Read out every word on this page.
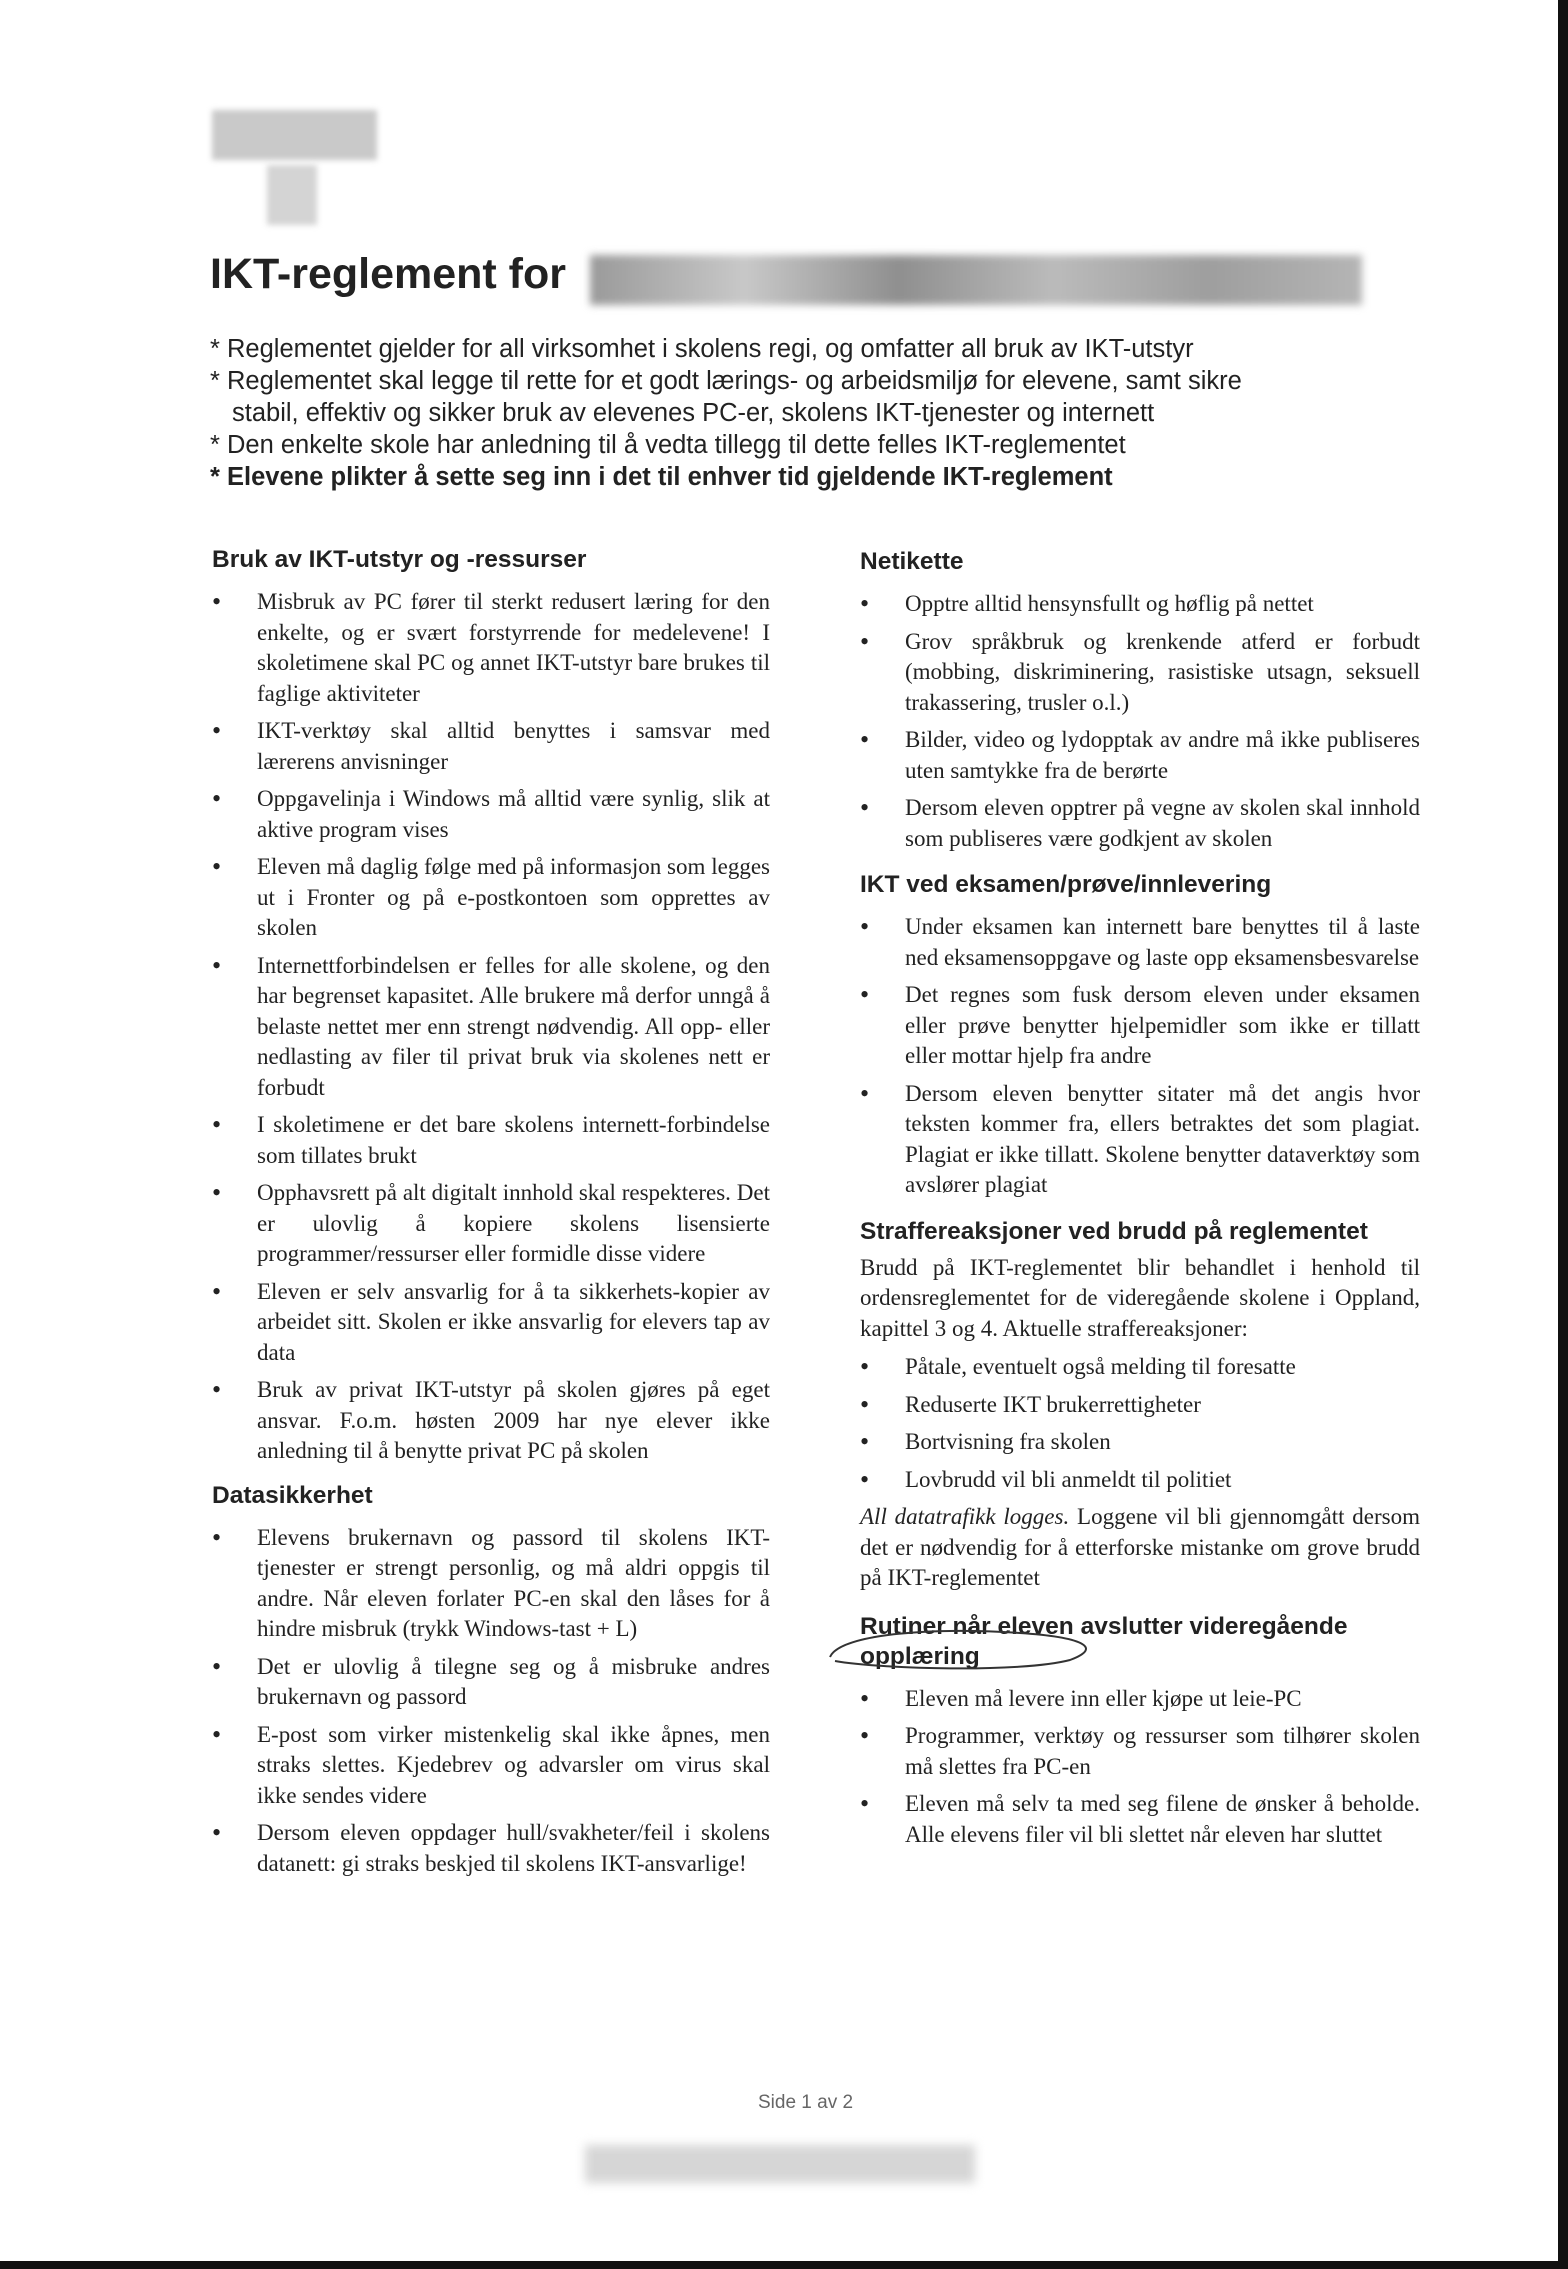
IKT-reglement for

* Reglementet gjelder for all virksomhet i skolens regi, og omfatter all bruk av IKT-utstyr

* Reglementet skal legge til rette for et godt lærings- og arbeidsmiljø for elevene, samt sikre

stabil, effektiv og sikker bruk av elevenes PC-er, skolens IKT-tjenester og internett

* Den enkelte skole har anledning til å vedta tillegg til dette felles IKT-reglementet

* Elevene plikter å sette seg inn i det til enhver tid gjeldende IKT-reglement

Bruk av IKT-utstyr og -ressurser
• Misbruk av PC fører til sterkt redusert læring for den enkelte, og er svært forstyrrende for medelevene! I skoletimene skal PC og annet IKT-utstyr bare brukes til faglige aktiviteter
• IKT-verktøy skal alltid benyttes i samsvar med lærerens anvisninger
• Oppgavelinja i Windows må alltid være synlig, slik at aktive program vises
• Eleven må daglig følge med på informasjon som legges ut i Fronter og på e-postkontoen som opprettes av skolen
• Internettforbindelsen er felles for alle skolene, og den har begrenset kapasitet. Alle brukere må derfor unngå å belaste nettet mer enn strengt nødvendig. All opp- eller nedlasting av filer til privat bruk via skolenes nett er forbudt
• I skoletimene er det bare skolens internett-forbindelse som tillates brukt
• Opphavsrett på alt digitalt innhold skal respekteres. Det er ulovlig å kopiere skolens lisensierte programmer/ressurser eller formidle disse videre
• Eleven er selv ansvarlig for å ta sikkerhets-kopier av arbeidet sitt. Skolen er ikke ansvarlig for elevers tap av data
• Bruk av privat IKT-utstyr på skolen gjøres på eget ansvar. F.o.m. høsten 2009 har nye elever ikke anledning til å benytte privat PC på skolen
Datasikkerhet
• Elevens brukernavn og passord til skolens IKT-tjenester er strengt personlig, og må aldri oppgis til andre. Når eleven forlater PC-en skal den låses for å hindre misbruk (trykk Windows-tast + L)
• Det er ulovlig å tilegne seg og å misbruke andres brukernavn og passord
• E-post som virker mistenkelig skal ikke åpnes, men straks slettes. Kjedebrev og advarsler om virus skal ikke sendes videre
• Dersom eleven oppdager hull/svakheter/feil i skolens datanett: gi straks beskjed til skolens IKT-ansvarlige!
Netikette
• Opptre alltid hensynsfullt og høflig på nettet
• Grov språkbruk og krenkende atferd er forbudt (mobbing, diskriminering, rasistiske utsagn, seksuell trakassering, trusler o.l.)
• Bilder, video og lydopptak av andre må ikke publiseres uten samtykke fra de berørte
• Dersom eleven opptrer på vegne av skolen skal innhold som publiseres være godkjent av skolen
IKT ved eksamen/prøve/innlevering
• Under eksamen kan internett bare benyttes til å laste ned eksamensoppgave og laste opp eksamensbesvarelse
• Det regnes som fusk dersom eleven under eksamen eller prøve benytter hjelpemidler som ikke er tillatt eller mottar hjelp fra andre
• Dersom eleven benytter sitater må det angis hvor teksten kommer fra, ellers betraktes det som plagiat. Plagiat er ikke tillatt. Skolene benytter dataverktøy som avslører plagiat
Straffereaksjoner ved brudd på reglementet

Brudd på IKT-reglementet blir behandlet i henhold til ordensreglementet for de videregående skolene i Oppland, kapittel 3 og 4. Aktuelle straffereaksjoner:

• Påtale, eventuelt også melding til foresatte
• Reduserte IKT brukerrettigheter
• Bortvisning fra skolen
• Lovbrudd vil bli anmeldt til politiet

All datatrafikk logges. Loggene vil bli gjennomgått dersom det er nødvendig for å etterforske mistanke om grove brudd på IKT-reglementet

Rutiner når eleven avslutter videregående opplæring
• Eleven må levere inn eller kjøpe ut leie-PC
• Programmer, verktøy og ressurser som tilhører skolen må slettes fra PC-en
• Eleven må selv ta med seg filene de ønsker å beholde. Alle elevens filer vil bli slettet når eleven har sluttet
Side 1 av 2
